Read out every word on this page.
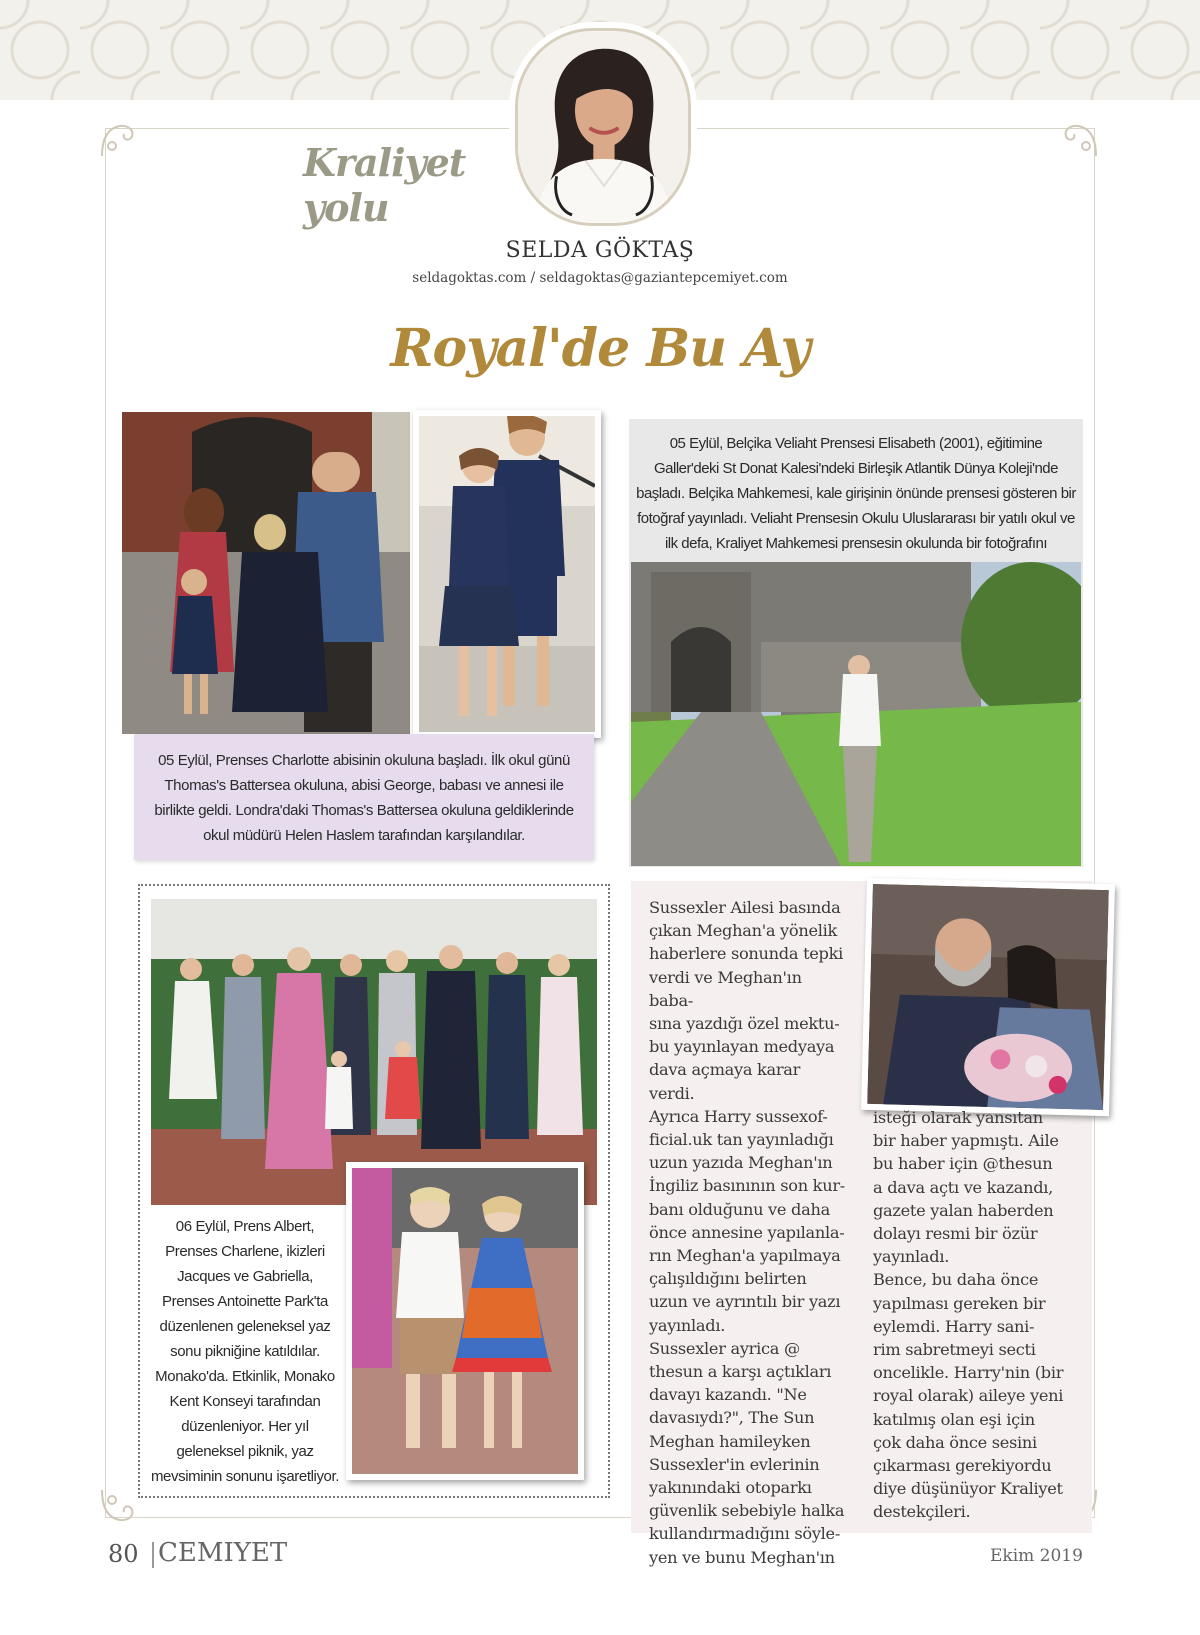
Kraliyet yolu
SELDA GÖKTAŞ
seldagoktas.com / seldagoktas@gaziantepcemiyet.com
Royal'de Bu Ay
05 Eylül, Prenses Charlotte abisinin okuluna başladı. İlk okul günü Thomas's Battersea okuluna, abisi George, babası ve annesi ile birlikte geldi. Londra'daki Thomas's Battersea okuluna geldiklerinde okul müdürü Helen Haslem tarafından karşılandılar.
05 Eylül, Belçika Veliaht Prensesi Elisabeth (2001), eğitimine Galler'deki St Donat Kalesi'ndeki Birleşik Atlantik Dünya Koleji'nde başladı. Belçika Mahkemesi, kale girişinin önünde prensesi gösteren bir fotoğraf yayınladı. Veliaht Prensesin Okulu Uluslararası bir yatılı okul ve ilk defa, Kraliyet Mahkemesi prensesin okulunda bir fotoğrafını
06 Eylül, Prens Albert, Prenses Charlene, ikizleri Jacques ve Gabriella, Prenses Antoinette Park'ta düzenlenen geleneksel yaz sonu pikniğine katıldılar. Monako'da. Etkinlik, Monako Kent Konseyi tarafından düzenleniyor. Her yıl geleneksel piknik, yaz mevsiminin sonunu işaretliyor.

Sussexler Ailesi basında
çıkan Meghan'a yönelik
haberlere sonunda tepki
verdi ve Meghan'ın baba-
sına yazdığı özel mektu-
bu yayınlayan medyaya
dava açmaya karar verdi.
Ayrıca Harry sussexof-
ficial.uk tan yayınladığı
uzun yazıda Meghan'ın
İngiliz basınının son kur-
banı olduğunu ve daha
önce annesine yapılanla-
rın Meghan'a yapılmaya
çalışıldığını belirten
uzun ve ayrıntılı bir yazı
yayınladı.
Sussexler ayrica @
thesun a karşı açtıkları
davayı kazandı. "Ne
davasıydı?", The Sun
Meghan hamileyken
Sussexler'in evlerinin
yakınındaki otoparkı
güvenlik sebebiyle halka
kullandırmadığını söyle-
yen ve bunu Meghan'ın

isteği olarak yansıtan
bir haber yapmıştı. Aile
bu haber için @thesun
a dava açtı ve kazandı,
gazete yalan haberden
dolayı resmi bir özür
yayınladı.
Bence, bu daha önce
yapılması gereken bir
eylemdi. Harry sani-
rim sabretmeyi secti
oncelikle. Harry'nin (bir
royal olarak) aileye yeni
katılmış olan eşi için
çok daha önce sesini
çıkarması gerekiyordu
diye düşünüyor Kraliyet
destekçileri.

80 CEMIYET	Ekim 2019
